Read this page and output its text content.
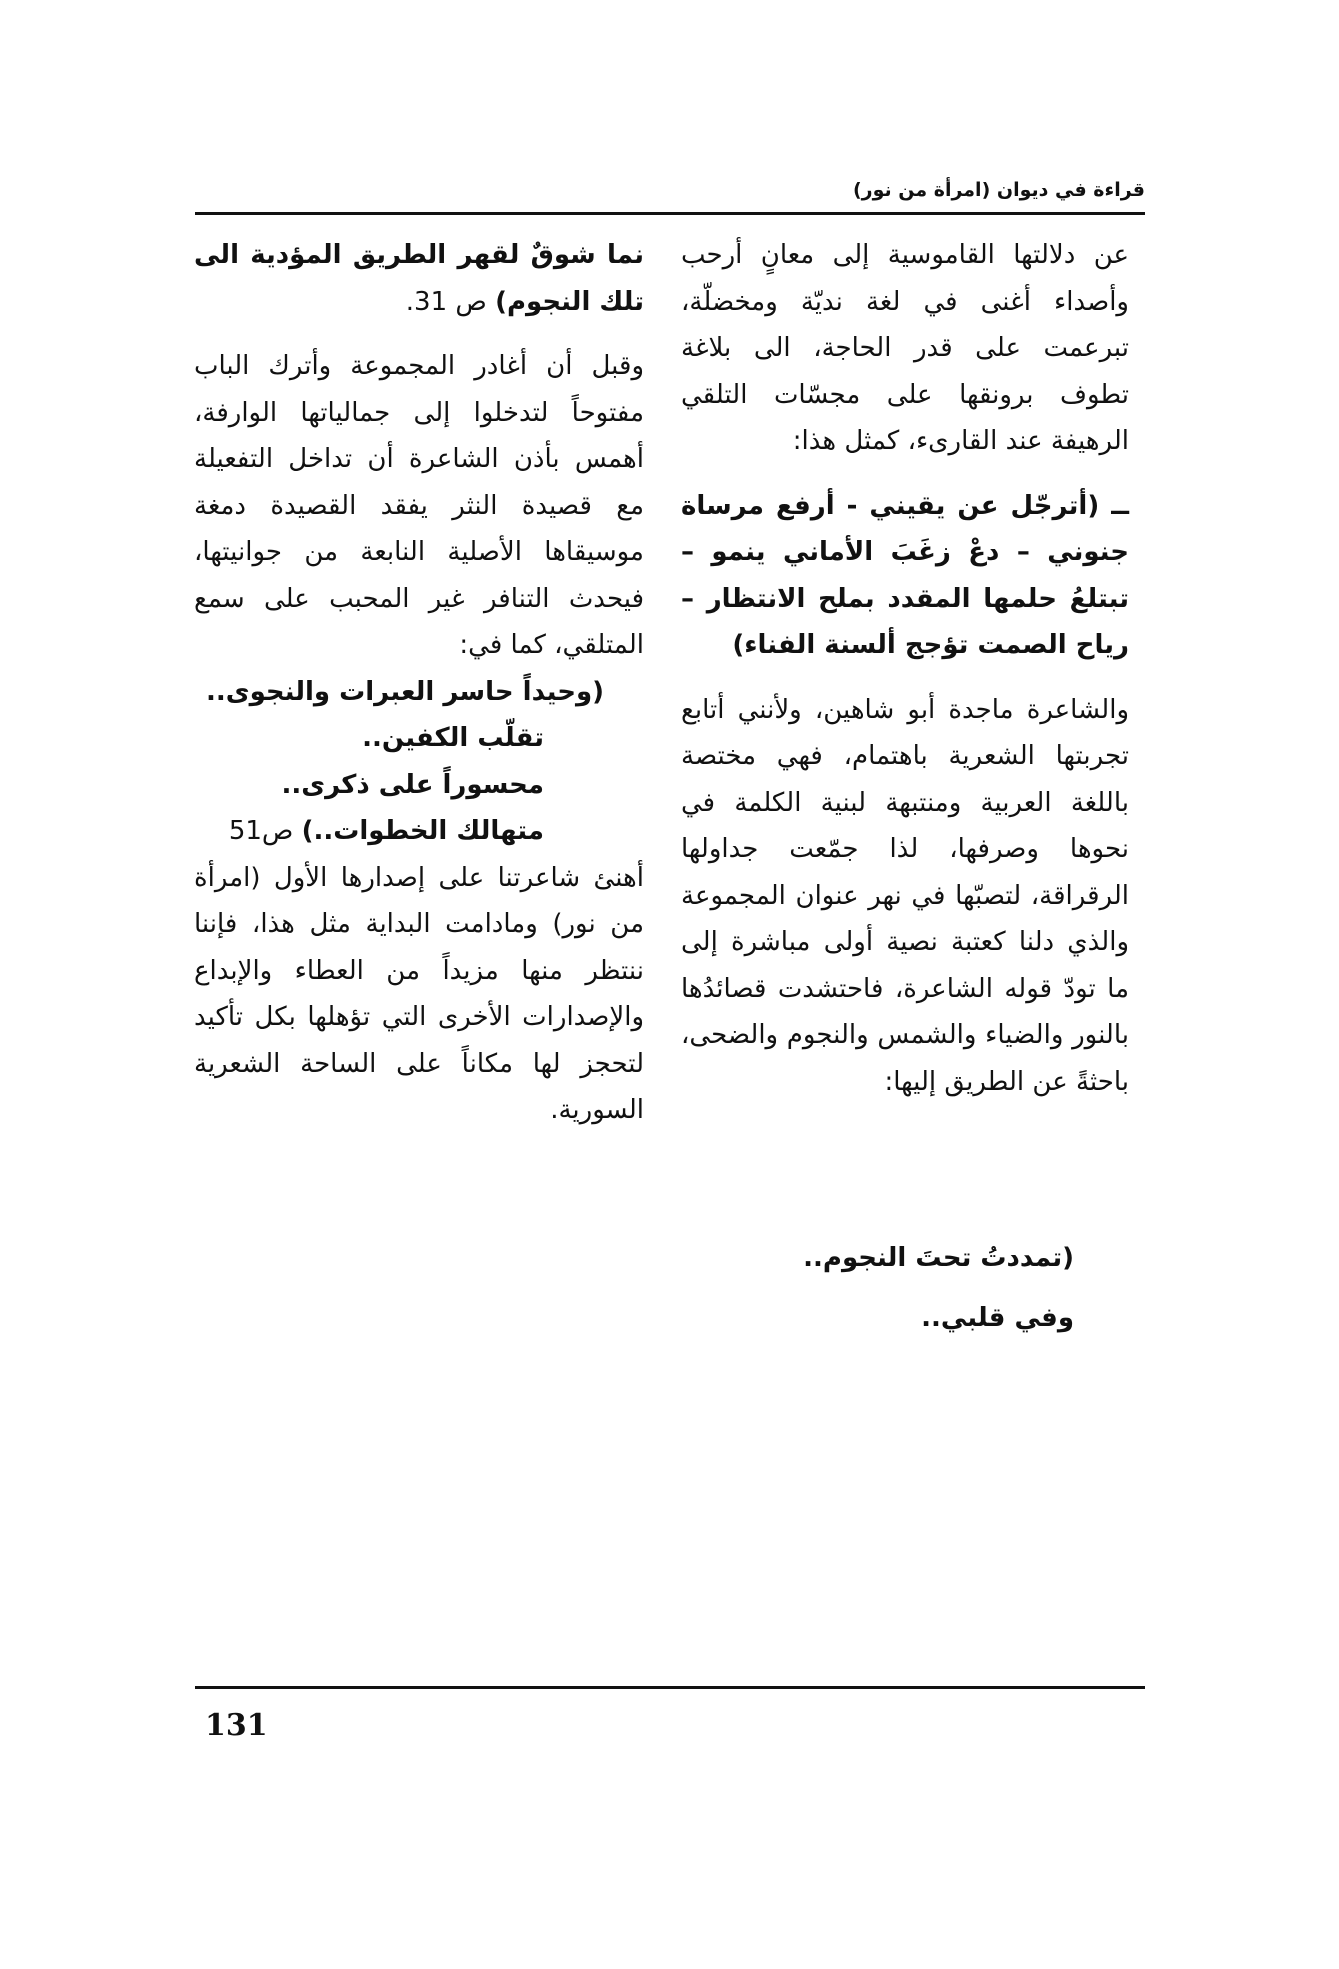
قراءة في ديوان (امرأة من نور)

عن دلالتها القاموسية إلى معانٍ أرحب وأصداء أغنى في لغة نديّة ومخضلّة، تبرعمت على قدر الحاجة، الى بلاغة تطوف برونقها على مجسّات التلقي الرهيفة عند القارىء، كمثل هذا:

ــ (أترجّل عن يقيني - أرفع مرساة جنوني – دعْ زغَبَ الأماني ينمو – تبتلعُ حلمها المقدد بملح الانتظار – رياح الصمت تؤجج ألسنة الفناء)

والشاعرة ماجدة أبو شاهين، ولأنني أتابع تجربتها الشعرية باهتمام، فهي مختصة باللغة العربية ومنتبهة لبنية الكلمة في نحوها وصرفها، لذا جمّعت جداولها الرقراقة، لتصبّها في نهر عنوان المجموعة والذي دلنا كعتبة نصية أولى مباشرة إلى ما تودّ قوله الشاعرة، فاحتشدت قصائدُها بالنور والضياء والشمس والنجوم والضحى، باحثةً عن الطريق إليها:

(تمددتُ تحتَ النجوم..
وفي قلبي..

نما شوقٌ لقهر الطريق المؤدية الى تلك النجوم) ص 31.

وقبل أن أغادر المجموعة وأترك الباب مفتوحاً لتدخلوا إلى جمالياتها الوارفة، أهمس بأذن الشاعرة أن تداخل التفعيلة مع قصيدة النثر يفقد القصيدة دمغة موسيقاها الأصلية النابعة من جوانيتها، فيحدث التنافر غير المحبب على سمع المتلقي، كما في:

(وحيداً حاسر العبرات والنجوى..

تقلّب الكفين..

محسوراً على ذكرى..

متهالك الخطوات..) ص51

أهنئ شاعرتنا على إصدارها الأول (امرأة من نور) ومادامت البداية مثل هذا، فإننا ننتظر منها مزيداً من العطاء والإبداع والإصدارات الأخرى التي تؤهلها بكل تأكيد لتحجز لها مكاناً على الساحة الشعرية السورية.

131
